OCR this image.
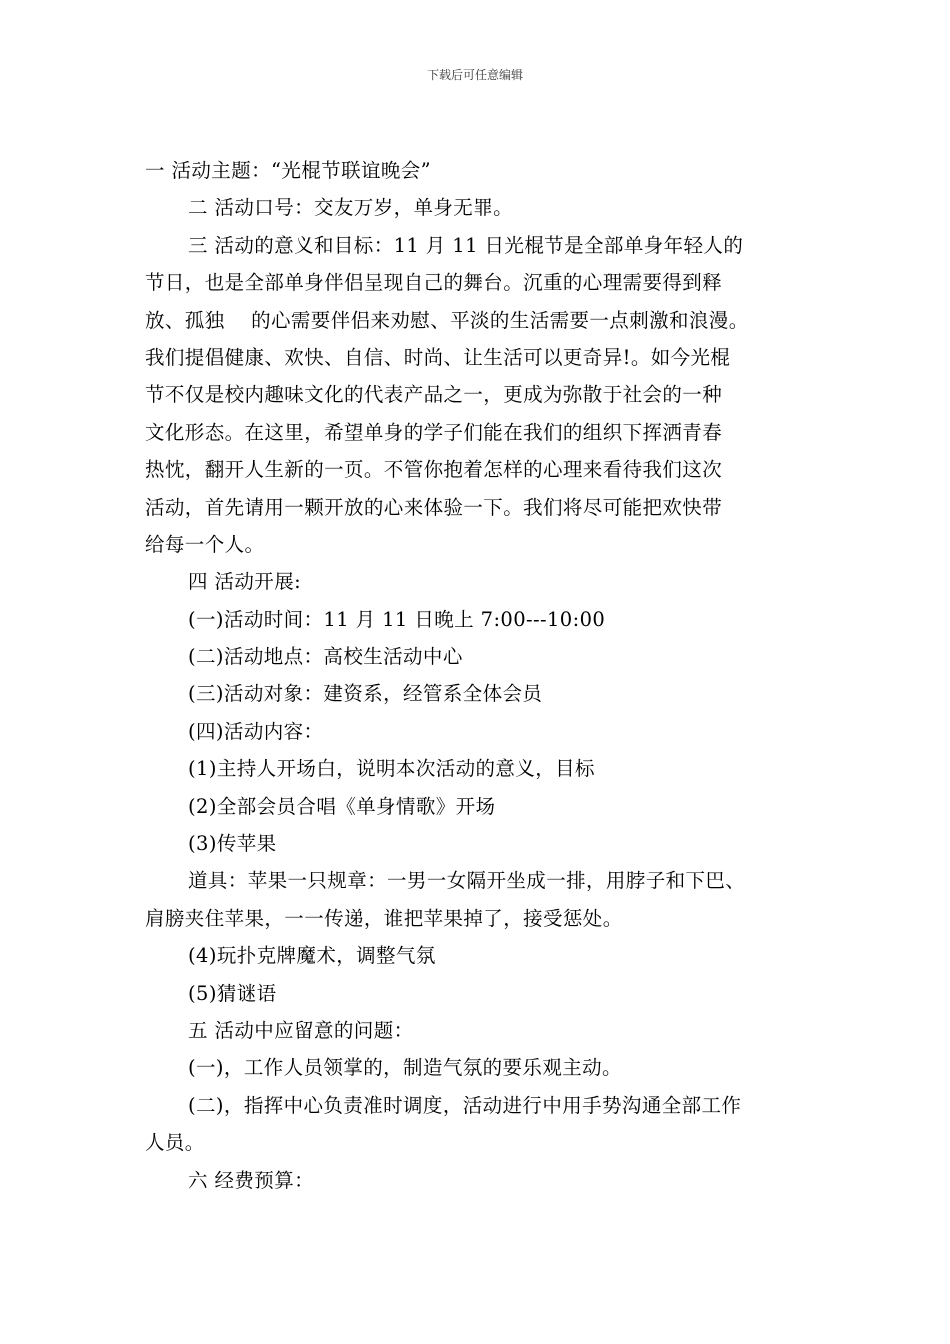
下载后可任意编辑
一 活动主题：“光棍节联谊晚会”
二 活动口号：交友万岁，单身无罪。
三 活动的意义和目标：11 月 11 日光棍节是全部单身年轻人的
节日，也是全部单身伴侣呈现自己的舞台。沉重的心理需要得到释
放、孤独　 的心需要伴侣来劝慰、平淡的生活需要一点刺激和浪漫。
我们提倡健康、欢快、自信、时尚、让生活可以更奇异!。如今光棍
节不仅是校内趣味文化的代表产品之一，更成为弥散于社会的一种
文化形态。在这里，希望单身的学子们能在我们的组织下挥洒青春
热忱，翻开人生新的一页。不管你抱着怎样的心理来看待我们这次
活动，首先请用一颗开放的心来体验一下。我们将尽可能把欢快带
给每一个人。
四 活动开展:
(一)活动时间：11 月 11 日晚上 7:00---10:00
(二)活动地点：高校生活动中心
(三)活动对象：建资系，经管系全体会员
(四)活动内容：
(1)主持人开场白，说明本次活动的意义，目标
(2)全部会员合唱《单身情歌》开场
(3)传苹果
道具：苹果一只规章：一男一女隔开坐成一排，用脖子和下巴、
肩膀夹住苹果，一一传递，谁把苹果掉了，接受惩处。
(4)玩扑克牌魔术，调整气氛
(5)猜谜语
五 活动中应留意的问题：
(一)，工作人员领掌的，制造气氛的要乐观主动。
(二)，指挥中心负责准时调度，活动进行中用手势沟通全部工作
人员。
六 经费预算：
